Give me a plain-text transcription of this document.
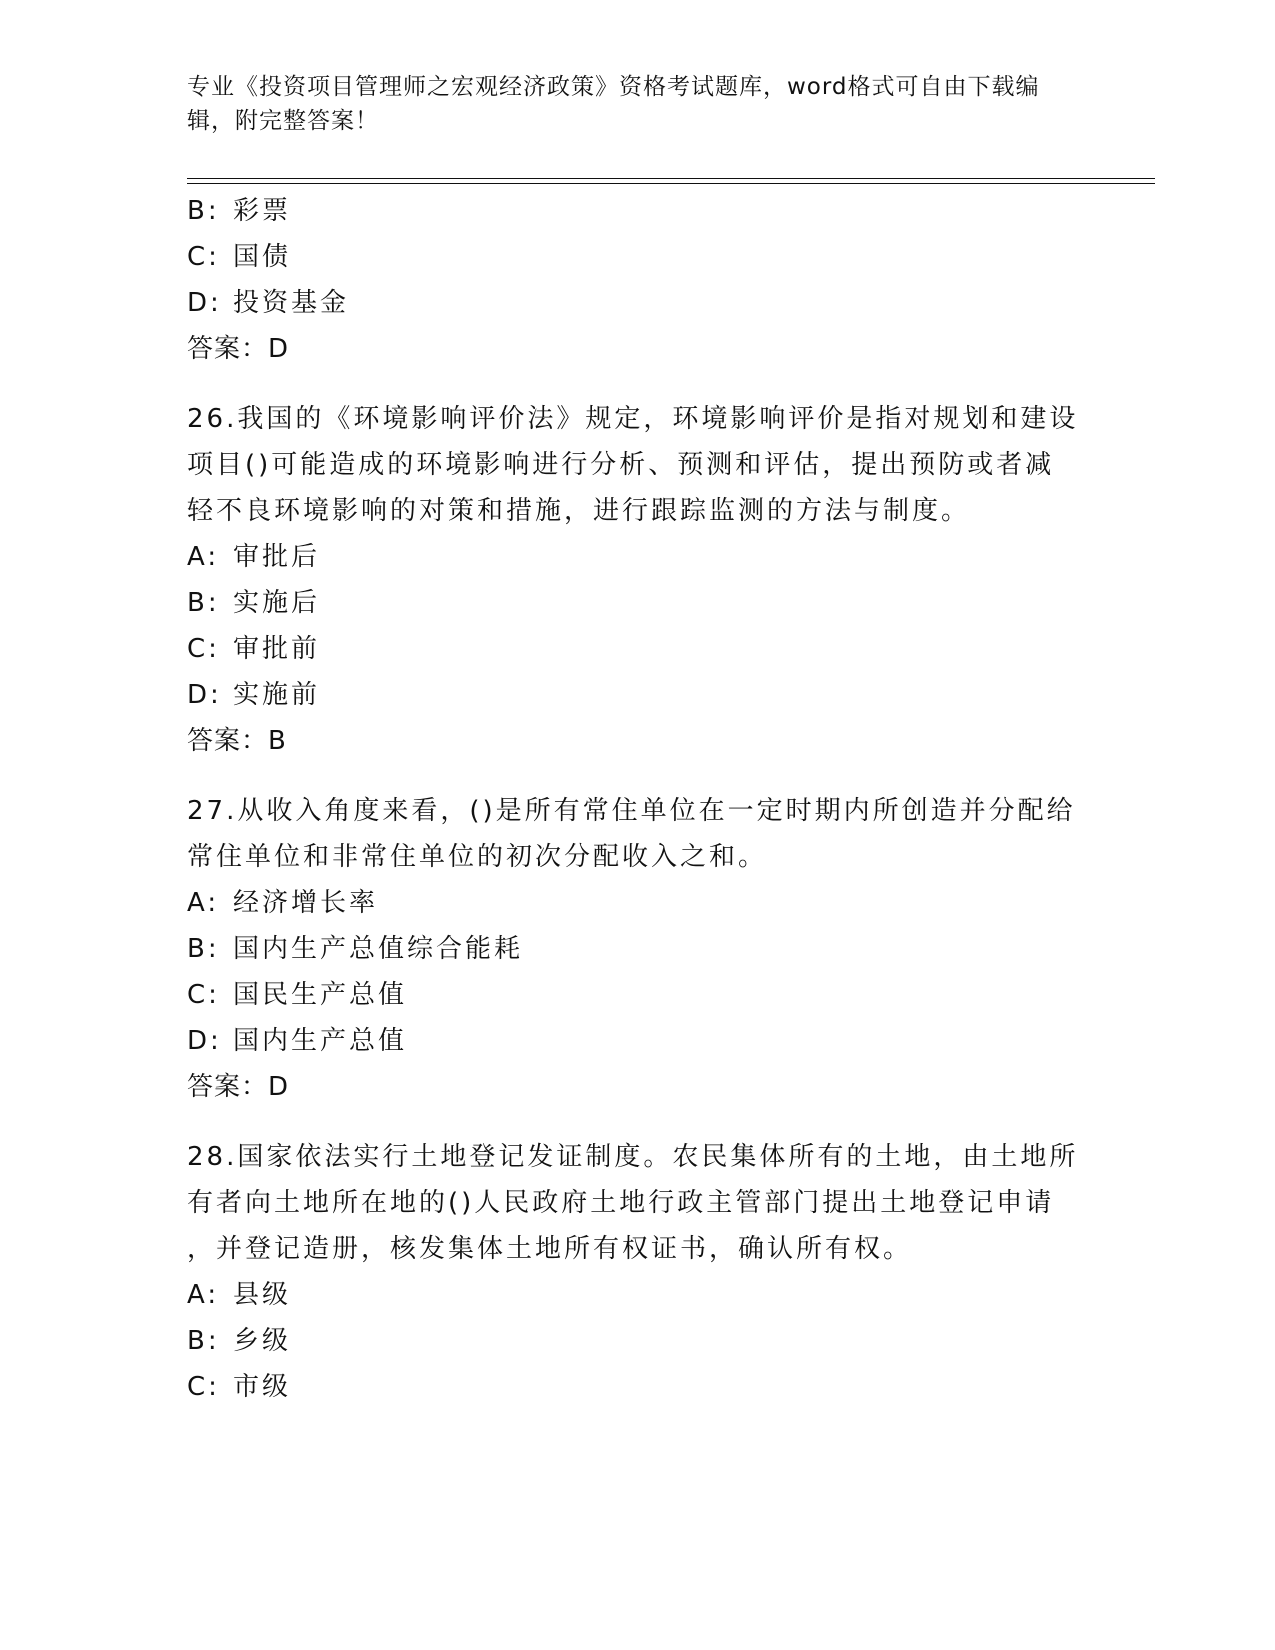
专业《投资项目管理师之宏观经济政策》资格考试题库，word格式可自由下载编
辑，附完整答案！
B: 彩票
C: 国债
D: 投资基金
答案：D
26.我国的《环境影响评价法》规定，环境影响评价是指对规划和建设
项目()可能造成的环境影响进行分析、预测和评估，提出预防或者减
轻不良环境影响的对策和措施，进行跟踪监测的方法与制度。
A: 审批后
B: 实施后
C: 审批前
D: 实施前
答案：B
27.从收入角度来看，()是所有常住单位在一定时期内所创造并分配给
常住单位和非常住单位的初次分配收入之和。
A: 经济增长率
B: 国内生产总值综合能耗
C: 国民生产总值
D: 国内生产总值
答案：D
28.国家依法实行土地登记发证制度。农民集体所有的土地，由土地所
有者向土地所在地的()人民政府土地行政主管部门提出土地登记申请
，并登记造册，核发集体土地所有权证书，确认所有权。
A: 县级
B: 乡级
C: 市级
